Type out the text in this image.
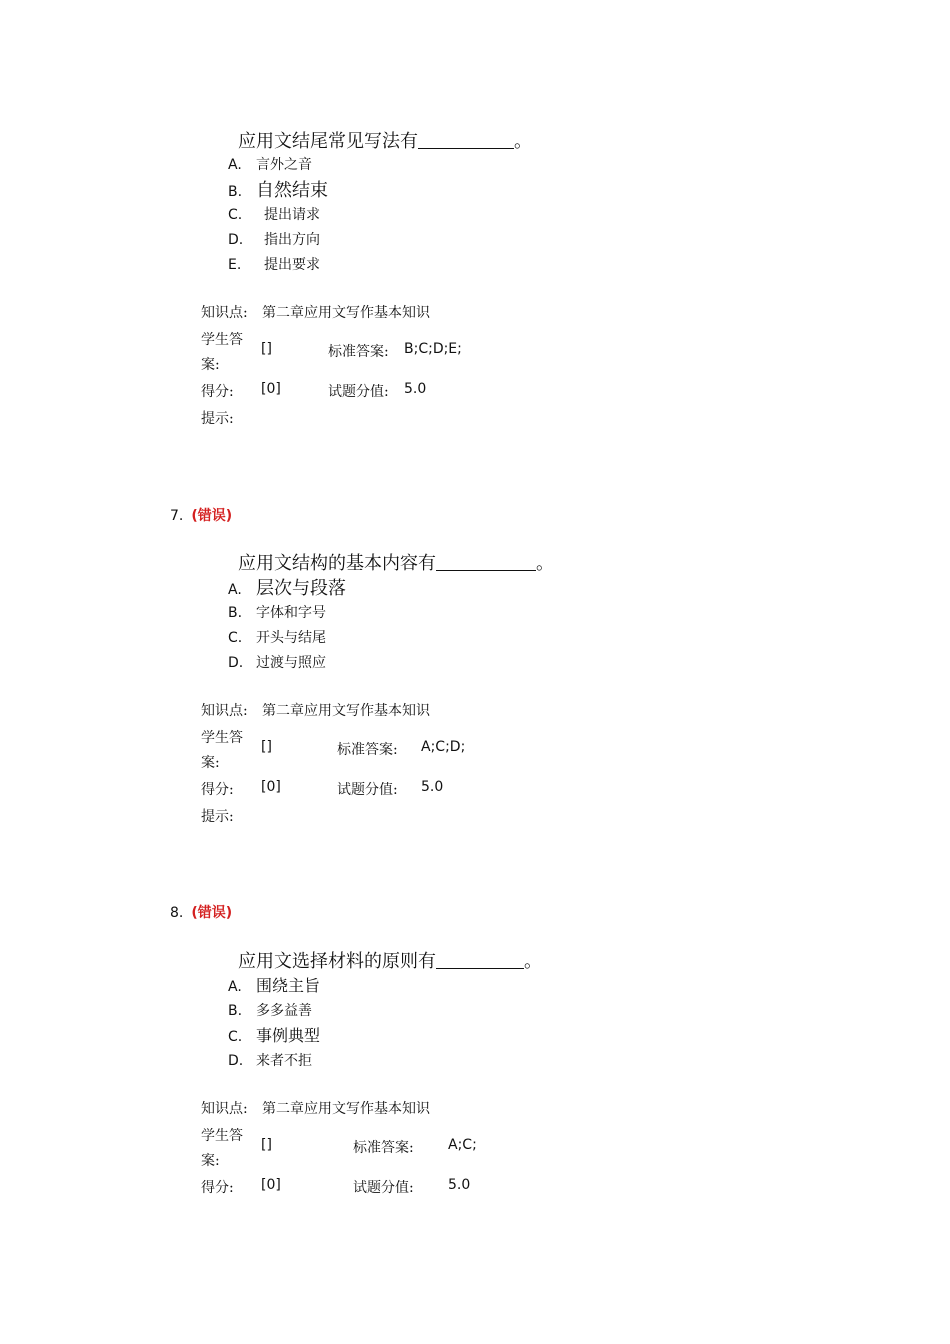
应用文结尾常见写法有	。
A. 言外之音
B. 自然结束
C. 提出请求
D. 指出方向
E. 提出要求
知识点: 第二章应用文写作基本知识
学生答
案:
[]	标准答案: B;C;D;E;
得分: [0]	试题分值: 5.0
提示:
7. (错误)
应用文结构的基本内容有	。
A. 层次与段落
B. 字体和字号
C. 开头与结尾
D. 过渡与照应
知识点: 第二章应用文写作基本知识
学生答
案:
[]	标准答案: A;C;D;
得分: [0]	试题分值: 5.0
提示:
8. (错误)
应用文选择材料的原则有	。
A. 围绕主旨
B. 多多益善
C. 事例典型
D. 来者不拒
知识点: 第二章应用文写作基本知识
学生答
案:
[]	标准答案: A;C;
得分: [0]	试题分值: 5.0
